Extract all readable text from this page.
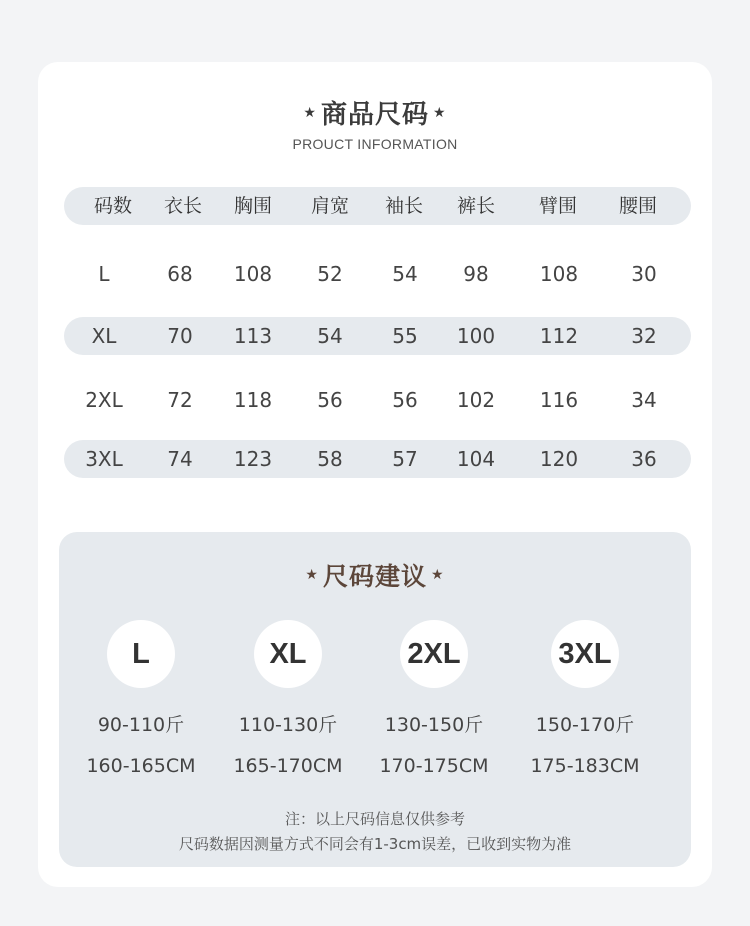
★ 商品尺码 ★
PROUCT INFORMATION
码数 衣长 胸围 肩宽 袖长 裤长 臂围 腰围
L	68 108 52 54 98	108	30
XL	70 113 54 55 100 112	32
2XL 72 118 56 56 102 116	34
3XL 74 123 58 57 104 120	36
★ 尺码建议 ★
L
90-110斤
160-165CM
XL
110-130斤
165-170CM
2XL
130-150斤
170-175CM
3XL
150-170斤
175-183CM
注：以上尺码信息仅供参考
尺码数据因测量方式不同会有1-3cm误差，已收到实物为准
